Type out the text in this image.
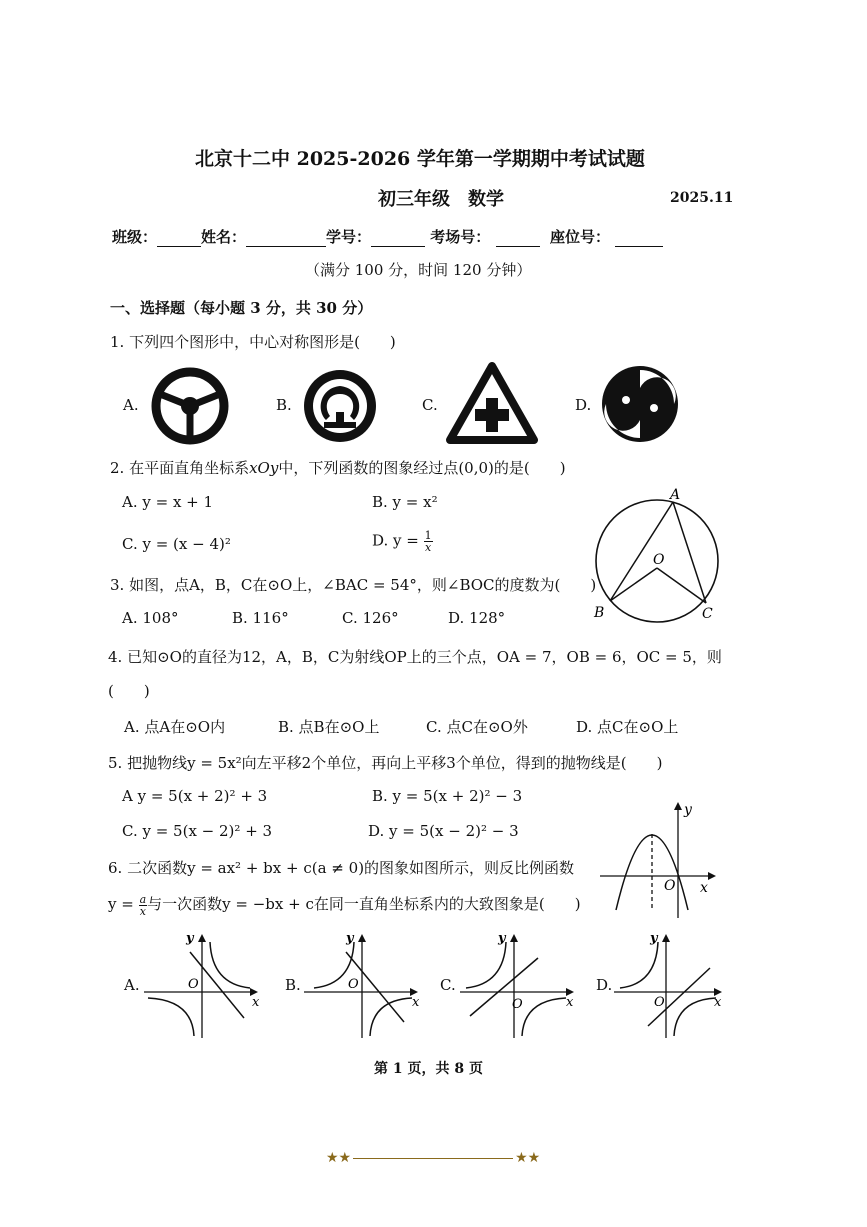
北京十二中 2025-2026 学年第一学期期中考试试题
初三年级　数学	2025.11
班级：	姓名：	学号：	考场号：	座位号：
（满分 100 分，时间 120 分钟）
一、选择题（每小题 3 分，共 30 分）
1. 下列四个图形中，中心对称图形是(　　)
A.	B.	C.	D.
2. 在平面直角坐标系xOy中，下列函数的图象经过点(0,0)的是(　　)
A. y = x + 1	B. y = x²
C. y = (x − 4)²	D. $y = \frac{1}{x}$
A
O
B	C
3. 如图，点A，B，C在⊙O上，∠BAC = 54°，则∠BOC的度数为(　　)
A. 108°	B. 116°	C. 126°	D. 128°
4. 已知⊙O的直径为12，A，B，C为射线OP上的三个点，OA = 7，OB = 6，OC = 5，则
(　　)
A. 点A在⊙O内	B. 点B在⊙O上	C. 点C在⊙O外	D. 点C在⊙O上
5. 把抛物线y = 5x²向左平移2个单位，再向上平移3个单位，得到的抛物线是(　　)
A y = 5(x + 2)² + 3	B. y = 5(x + 2)² − 3
C. y = 5(x − 2)² + 3	D. y = 5(x − 2)² − 3
x
y
O
6. 二次函数y = ax² + bx + c(a ≠ 0)的图象如图所示，则反比例函数
$y = \frac{a}{x}$ 与一次函数y = −bx + c在同一直角坐标系内的大致图象是(　　)
A.
y
O
x
B.
y
O
x
C.
y
O	x
D.
y
O	x
第 1 页，共 8 页
★★	★★
